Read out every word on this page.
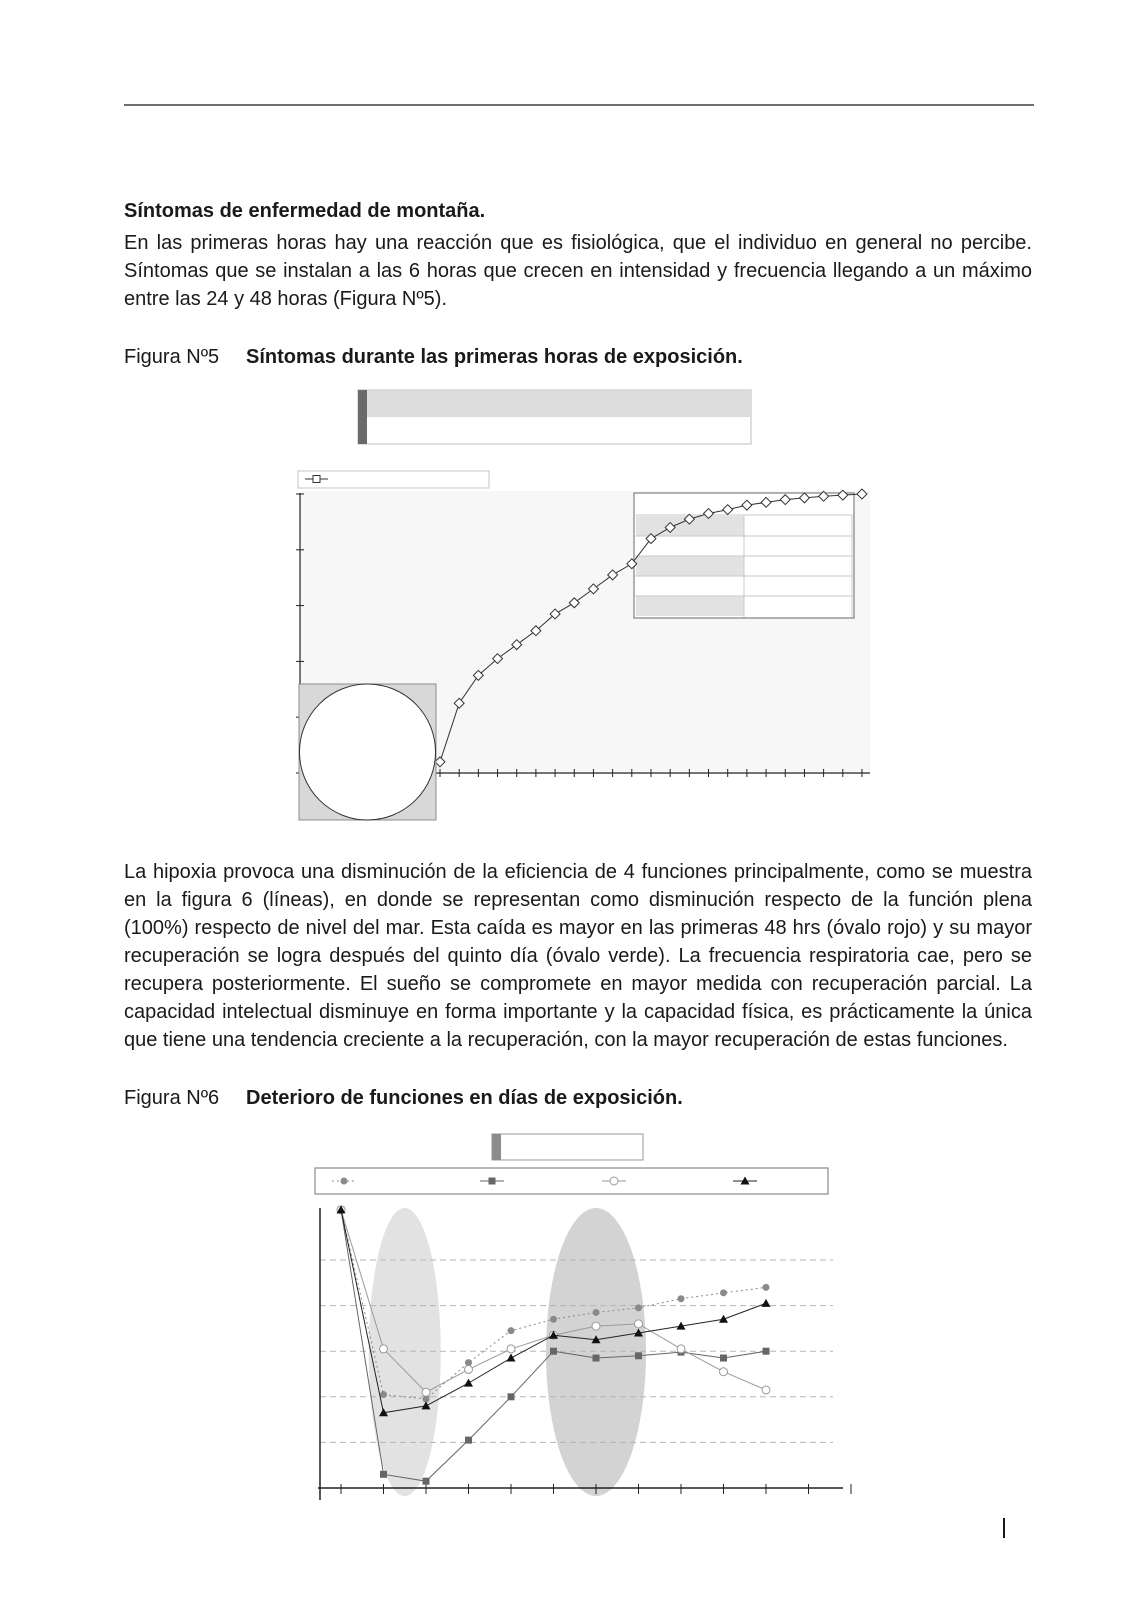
Síntomas de enfermedad de montaña.

En las primeras horas hay una reacción que es fisiológica, que el individuo en general no percibe. Síntomas que se instalan a las 6 horas que crecen en intensidad y frecuencia llegando a un máximo entre las 24 y 48 horas (Figura Nº5).

Figura Nº5 Síntomas durante las primeras horas de exposición.

La hipoxia provoca una disminución de la eficiencia de 4 funciones principalmente, como se muestra en la figura 6 (líneas), en donde se representan como disminución respecto de la función plena (100%) respecto de nivel del mar. Esta caída es mayor en las primeras 48 hrs (óvalo rojo) y su mayor recuperación se logra después del quinto día (óvalo verde). La frecuencia respiratoria cae, pero se recupera posteriormente. El sueño se compromete en mayor medida con recuperación parcial. La capacidad intelectual disminuye en forma importante y la capacidad física, es prácticamente la única que tiene una tendencia creciente a la recuperación, con la mayor recuperación de estas funciones.

Figura Nº6 Deterioro de funciones en días de exposición.
